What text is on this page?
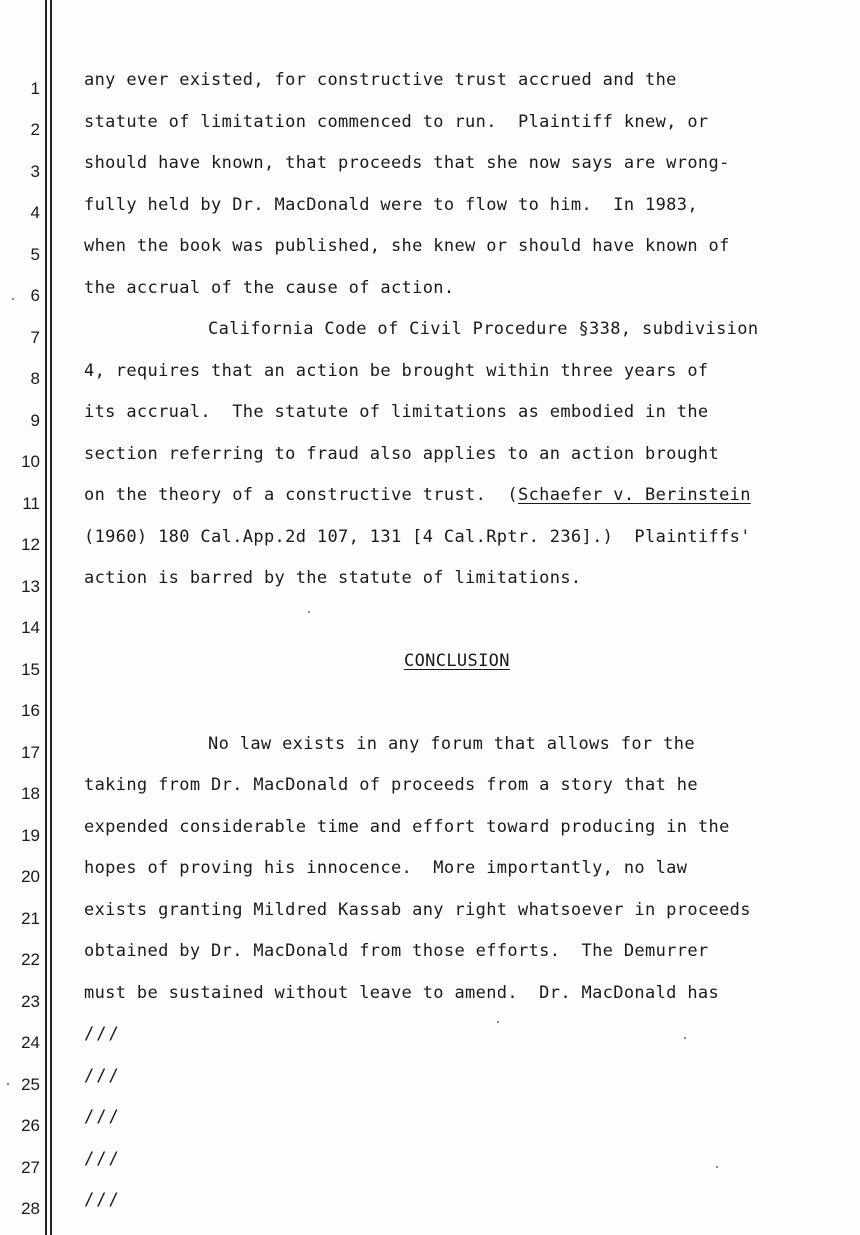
1
2
3
4
5
6
7
8
9
10
11
12
13
14
15
16
17
18
19
20
21
22
23
24
25
26
27
28
any ever existed, for constructive trust accrued and the
statute of limitation commenced to run.  Plaintiff knew, or
should have known, that proceeds that she now says are wrong-
fully held by Dr. MacDonald were to flow to him.  In 1983,
when the book was published, she knew or should have known of
the accrual of the cause of action.
California Code of Civil Procedure §338, subdivision
4, requires that an action be brought within three years of
its accrual.  The statute of limitations as embodied in the
section referring to fraud also applies to an action brought
on the theory of a constructive trust.  (Schaefer v. Berinstein
(1960) 180 Cal.App.2d 107, 131 [4 Cal.Rptr. 236].)  Plaintiffs'
action is barred by the statute of limitations.
CONCLUSION
No law exists in any forum that allows for the
taking from Dr. MacDonald of proceeds from a story that he
expended considerable time and effort toward producing in the
hopes of proving his innocence.  More importantly, no law
exists granting Mildred Kassab any right whatsoever in proceeds
obtained by Dr. MacDonald from those efforts.  The Demurrer
must be sustained without leave to amend.  Dr. MacDonald has
///
///
///
///
///
